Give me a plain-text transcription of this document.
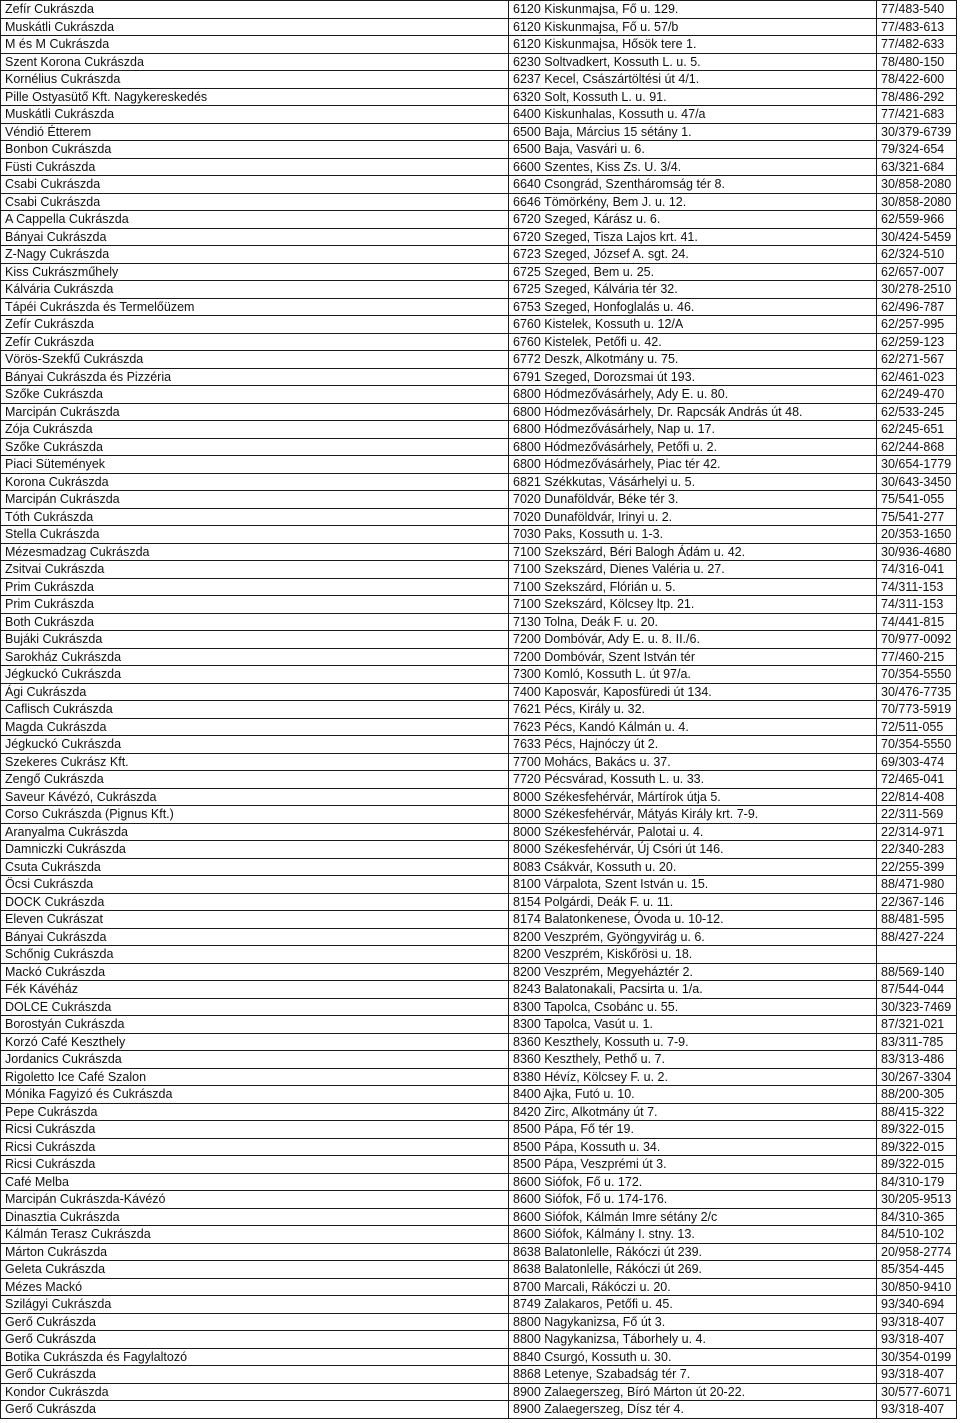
Zefír Cukrászda	6120 Kiskunmajsa, Fő u. 129.	77/483-540
Muskátli Cukrászda	6120 Kiskunmajsa, Fő u. 57/b	77/483-613
M és M Cukrászda	6120 Kiskunmajsa, Hősök tere 1.	77/482-633
Szent Korona Cukrászda	6230 Soltvadkert, Kossuth L. u. 5.	78/480-150
Kornélius Cukrászda	6237 Kecel, Császártöltési út 4/1.	78/422-600
Pille Ostyasütő Kft. Nagykereskedés	6320 Solt, Kossuth L. u. 91.	78/486-292
Muskátli Cukrászda	6400 Kiskunhalas, Kossuth u. 47/a	77/421-683
Véndió Étterem	6500 Baja, Március 15 sétány 1.	30/379-6739
Bonbon Cukrászda	6500 Baja, Vasvári u. 6.	79/324-654
Füsti Cukrászda	6600 Szentes, Kiss Zs. U. 3/4.	63/321-684
Csabi Cukrászda	6640 Csongrád, Szentháromság tér 8.	30/858-2080
Csabi Cukrászda	6646 Tömörkény, Bem J. u. 12.	30/858-2080
A Cappella Cukrászda	6720 Szeged, Kárász u. 6.	62/559-966
Bányai Cukrászda	6720 Szeged, Tisza Lajos krt. 41.	30/424-5459
Z-Nagy Cukrászda	6723 Szeged, József A. sgt. 24.	62/324-510
Kiss Cukrászműhely	6725 Szeged, Bem u. 25.	62/657-007
Kálvária Cukrászda	6725 Szeged, Kálvária tér 32.	30/278-2510
Tápéi Cukrászda és Termelőüzem	6753 Szeged, Honfoglalás u. 46.	62/496-787
Zefír Cukrászda	6760 Kistelek, Kossuth u. 12/A	62/257-995
Zefír Cukrászda	6760 Kistelek, Petőfi u. 42.	62/259-123
Vörös-Szekfű Cukrászda	6772 Deszk, Alkotmány u. 75.	62/271-567
Bányai Cukrászda és Pizzéria	6791 Szeged, Dorozsmai út 193.	62/461-023
Szőke Cukrászda	6800 Hódmezővásárhely, Ady E. u. 80.	62/249-470
Marcipán Cukrászda	6800 Hódmezővásárhely, Dr. Rapcsák András út 48.	62/533-245
Zója Cukrászda	6800 Hódmezővásárhely, Nap u. 17.	62/245-651
Szőke Cukrászda	6800 Hódmezővásárhely, Petőfi u. 2.	62/244-868
Piaci Sütemények	6800 Hódmezővásárhely, Piac tér 42.	30/654-1779
Korona Cukrászda	6821 Székkutas, Vásárhelyi u. 5.	30/643-3450
Marcipán Cukrászda	7020 Dunaföldvár, Béke tér 3.	75/541-055
Tóth Cukrászda	7020 Dunaföldvár, Irinyi u. 2.	75/541-277
Stella Cukrászda	7030 Paks, Kossuth u. 1-3.	20/353-1650
Mézesmadzag Cukrászda	7100 Szekszárd, Béri Balogh Ádám u. 42.	30/936-4680
Zsitvai Cukrászda	7100 Szekszárd, Dienes Valéria u. 27.	74/316-041
Prim Cukrászda	7100 Szekszárd, Flórián u. 5.	74/311-153
Prim Cukrászda	7100 Szekszárd, Kölcsey ltp. 21.	74/311-153
Both Cukrászda	7130 Tolna, Deák F. u. 20.	74/441-815
Bujáki Cukrászda	7200 Dombóvár, Ady E. u. 8. II./6.	70/977-0092
Sarokház Cukrászda	7200 Dombóvár, Szent István tér	77/460-215
Jégkuckó Cukrászda	7300 Komló, Kossuth L. út 97/a.	70/354-5550
Ági Cukrászda	7400 Kaposvár, Kaposfüredi út 134.	30/476-7735
Caflisch Cukrászda	7621 Pécs, Király u. 32.	70/773-5919
Magda Cukrászda	7623 Pécs, Kandó Kálmán u. 4.	72/511-055
Jégkuckó Cukrászda	7633 Pécs, Hajnóczy út 2.	70/354-5550
Szekeres Cukrász Kft.	7700 Mohács, Bakács u. 37.	69/303-474
Zengő Cukrászda	7720 Pécsvárad, Kossuth L. u. 33.	72/465-041
Saveur Kávézó, Cukrászda	8000 Székesfehérvár, Mártírok útja 5.	22/814-408
Corso Cukrászda (Pignus Kft.)	8000 Székesfehérvár, Mátyás Király krt. 7-9.	22/311-569
Aranyalma Cukrászda	8000 Székesfehérvár, Palotai u. 4.	22/314-971
Damniczki Cukrászda	8000 Székesfehérvár, Új Csóri út 146.	22/340-283
Csuta Cukrászda	8083 Csákvár, Kossuth u. 20.	22/255-399
Öcsi Cukrászda	8100 Várpalota, Szent István u. 15.	88/471-980
DOCK Cukrászda	8154 Polgárdi, Deák F. u. 11.	22/367-146
Eleven Cukrászat	8174 Balatonkenese, Óvoda u. 10-12.	88/481-595
Bányai Cukrászda	8200 Veszprém, Gyöngyvirág u. 6.	88/427-224
Schőnig Cukrászda	8200 Veszprém, Kiskőrösi u. 18.	
Mackó Cukrászda	8200 Veszprém, Megyeháztér 2.	88/569-140
Fék Kávéház	8243 Balatonakali, Pacsirta u. 1/a.	87/544-044
DOLCE Cukrászda	8300 Tapolca, Csobánc u. 55.	30/323-7469
Borostyán Cukrászda	8300 Tapolca, Vasút u. 1.	87/321-021
Korzó Café Keszthely	8360 Keszthely, Kossuth u. 7-9.	83/311-785
Jordanics Cukrászda	8360 Keszthely, Pethő u. 7.	83/313-486
Rigoletto Ice Café Szalon	8380 Hévíz, Kölcsey F. u. 2.	30/267-3304
Mónika Fagyizó és Cukrászda	8400 Ajka, Futó u. 10.	88/200-305
Pepe Cukrászda	8420 Zirc, Alkotmány út 7.	88/415-322
Ricsi Cukrászda	8500 Pápa, Fő tér 19.	89/322-015
Ricsi Cukrászda	8500 Pápa, Kossuth u. 34.	89/322-015
Ricsi Cukrászda	8500 Pápa, Veszprémi út 3.	89/322-015
Café Melba	8600 Siófok, Fő u. 172.	84/310-179
Marcipán Cukrászda-Kávézó	8600 Siófok, Fő u. 174-176.	30/205-9513
Dinasztia Cukrászda	8600 Siófok, Kálmán Imre sétány 2/c	84/310-365
Kálmán Terasz Cukrászda	8600 Siófok, Kálmány I. stny. 13.	84/510-102
Márton Cukrászda	8638 Balatonlelle, Rákóczi út 239.	20/958-2774
Geleta Cukrászda	8638 Balatonlelle, Rákóczi út 269.	85/354-445
Mézes Mackó	8700 Marcali, Rákóczi u. 20.	30/850-9410
Szilágyi Cukrászda	8749 Zalakaros, Petőfi u. 45.	93/340-694
Gerő Cukrászda	8800 Nagykanizsa, Fő út 3.	93/318-407
Gerő Cukrászda	8800 Nagykanizsa, Táborhely u. 4.	93/318-407
Botika Cukrászda és Fagylaltozó	8840 Csurgó, Kossuth u. 30.	30/354-0199
Gerő Cukrászda	8868 Letenye, Szabadság tér 7.	93/318-407
Kondor Cukrászda	8900 Zalaegerszeg, Bíró Márton út 20-22.	30/577-6071
Gerő Cukrászda	8900 Zalaegerszeg, Dísz tér 4.	93/318-407
